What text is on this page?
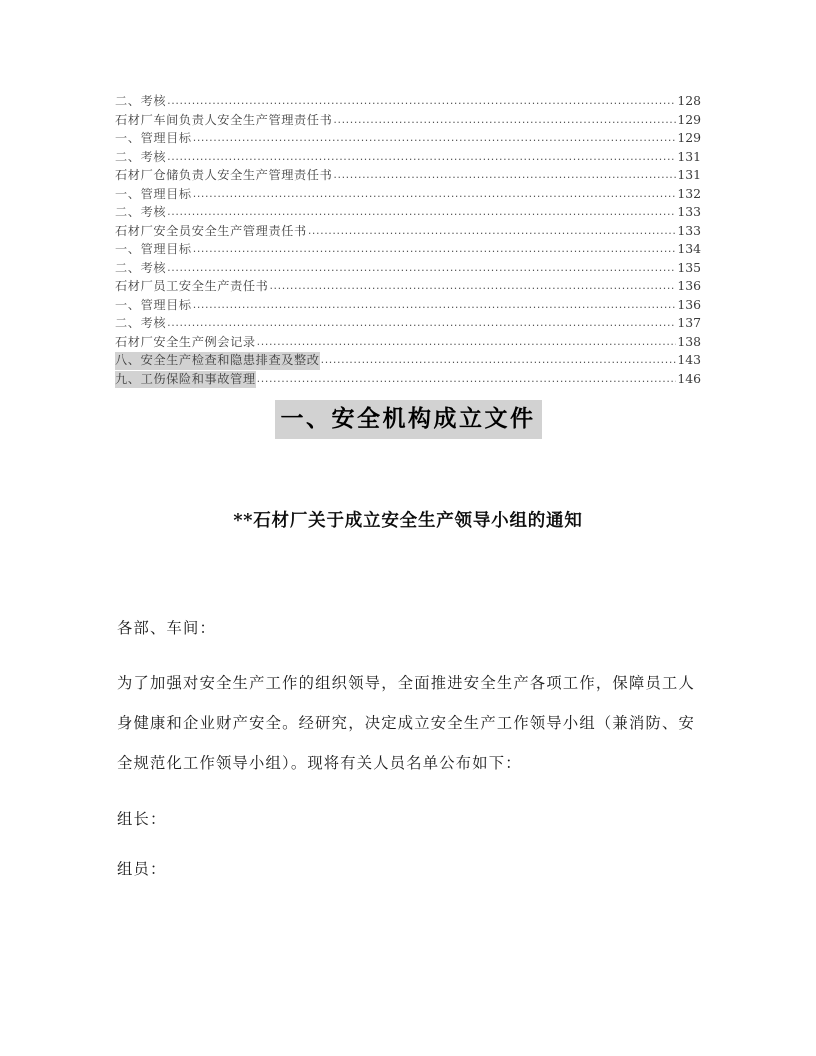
二、考核 .....	128
石材厂车间负责人安全生产管理责任书 .....	129
一、管理目标 .....	129
二、考核 .....	131
石材厂仓储负责人安全生产管理责任书 .....	131
一、管理目标 .....	132
二、考核 .....	133
石材厂安全员安全生产管理责任书 .....	133
一、管理目标 .....	134
二、考核 .....	135
石材厂员工安全生产责任书 .....	136
一、管理目标 .....	136
二、考核 .....	137
石材厂安全生产例会记录 .....	138
八、安全生产检查和隐患排查及整改 .....	143
九、工伤保险和事故管理 .....	146
一、安全机构成立文件
**石材厂关于成立安全生产领导小组的通知

各部、车间：

为了加强对安全生产工作的组织领导，全面推进安全生产各项工作，保障员工人身健康和企业财产安全。经研究，决定成立安全生产工作领导小组（兼消防、安全规范化工作领导小组）。现将有关人员名单公布如下：

组长：

组员：
